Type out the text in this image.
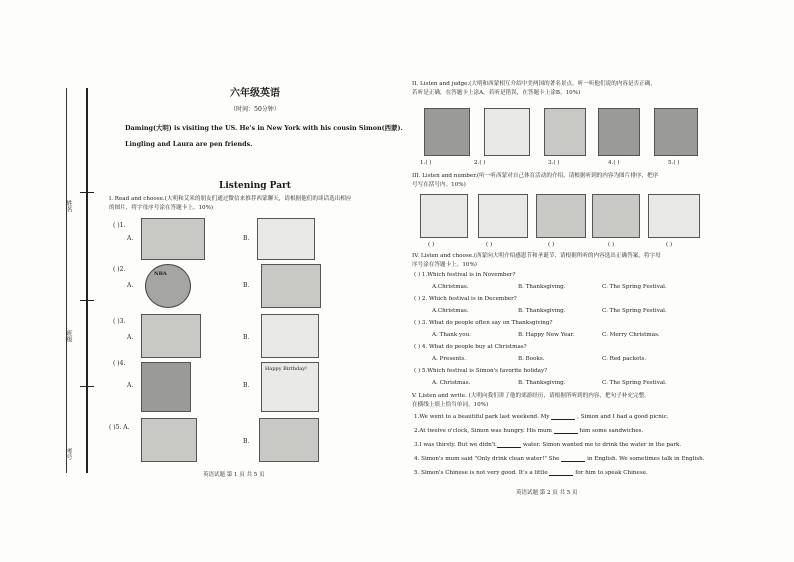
姓名
班级
考号
六年级英语
（时间：50分钟）
Daming(大明) is visiting the US. He's in New York with his cousin Simon(西蒙).
Lingling and Laura are pen friends.
Listening Part
I. Read and choose.(大明和艾米的朋友们通过微信来推荐西蒙聊天，请根据他们的谈话选出相应
的图片，将字母序号涂在答题卡上。10%)
( )1.
A.	B.
( )2.
A.
NBA
B.
( )3.
A.	B.
( )4.
A.	B.
Happy Birthday!
( )5. A.
B.
英语试题 第 1 页 共 5 页
II. Listen and judge.(大明和西蒙相互介绍中美两国的著名景点。听一听他们说的内容是否正确，
若听是正确，在答题卡上涂A，若听是错误，在答题卡上涂B。10%)
1.( )	2.( )	3.( )	4.( )	5.( )
III. Listen and number.(听一听西蒙对自己体育活动的介绍，请根据听到的内容为图片排序，把序
号写在括号内。10%)
( )	( )	( )	( )	( )
IV. Listen and choose.(西蒙向大明介绍感恩节和圣诞节，请根据所听的内容选出正确答案，将字母
序号涂在答题卡上。10%)
( ) 1.Which festival is in November?
A.Christmas.	B. Thanksgiving.	C. The Spring Festival.
( ) 2. Which festival is in December?
A.Christmas.	B. Thanksgiving.	C. The Spring Festival.
( ) 3. What do people often say on Thanksgiving?
A. Thank you.	B. Happy New Year.	C. Merry Christmas.
( ) 4. What do people buy at Christmas?
A. Presents.	B. Books.	C. Red packets.
( ) 5.Which festival is Simon's favorite holiday?
A. Christmas.	B. Thanksgiving.	C. The Spring Festival.
V. Listen and write. (大明向我们讲了他的郊游经历，请根据所听到的内容，把句子补充完整，
在横线上填上恰当单词。10%)
1.We went to a beautiful park last weekend. My	, Simon and I had a good picnic.
2.At twelve o'clock, Simon was hungry. His mum	him some sandwiches.
3.I was thirsty. But we didn't	water. Simon wanted me to drink the water in the park.
4. Simon's mum said "Only drink clean water!" She	in English. We sometimes talk in English.
5. Simon's Chinese is not very good. It's a little	for him to speak Chinese.
英语试题 第 2 页 共 5 页
